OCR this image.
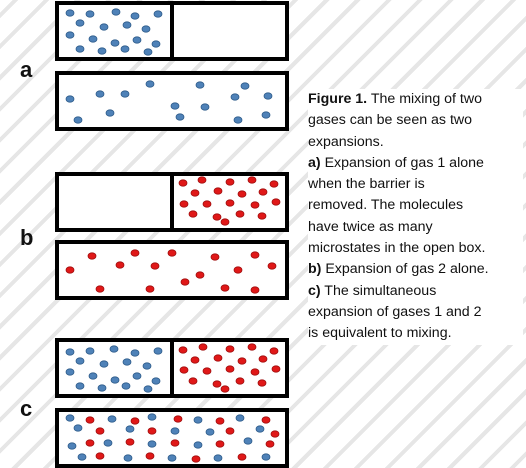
a
b
c
Figure 1. The mixing of two
gases can be seen as two
expansions.
a) Expansion of gas 1 alone
when the barrier is
removed. The molecules
have twice as many
microstates in the open box.
b) Expansion of gas 2 alone.
c) The simultaneous
expansion of gases 1 and 2
is equivalent to mixing.
